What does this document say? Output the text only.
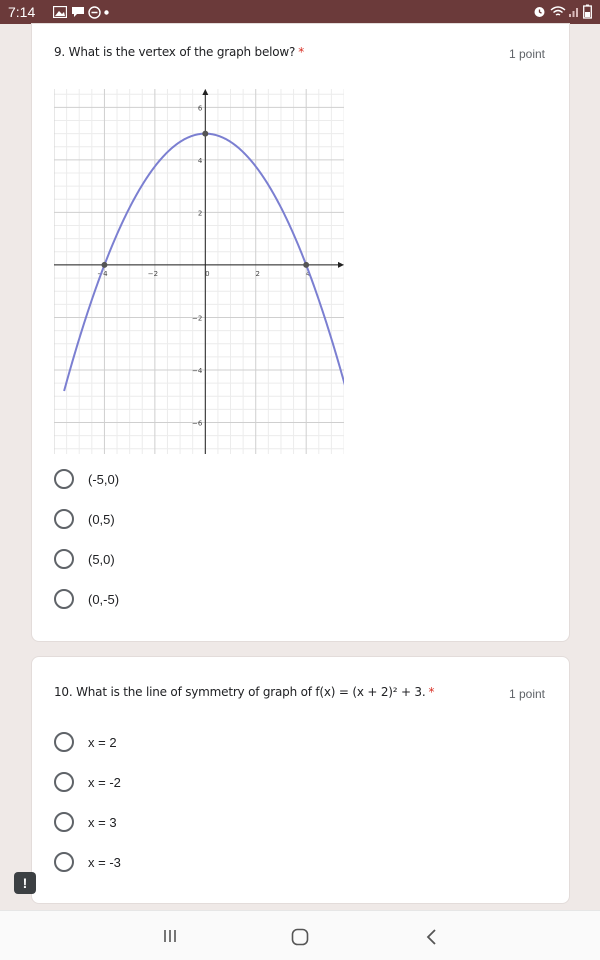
7:14
9. What is the vertex of the graph below? *	1 point
−4	−2	0	2	4
6
4
2
−2
−4
−6
(-5,0)
(0,5)
(5,0)
(0,-5)
10. What is the line of symmetry of graph of f(x) = (x + 2)² + 3. *	1 point
x = 2
x = -2
x = 3
x = -3
!
